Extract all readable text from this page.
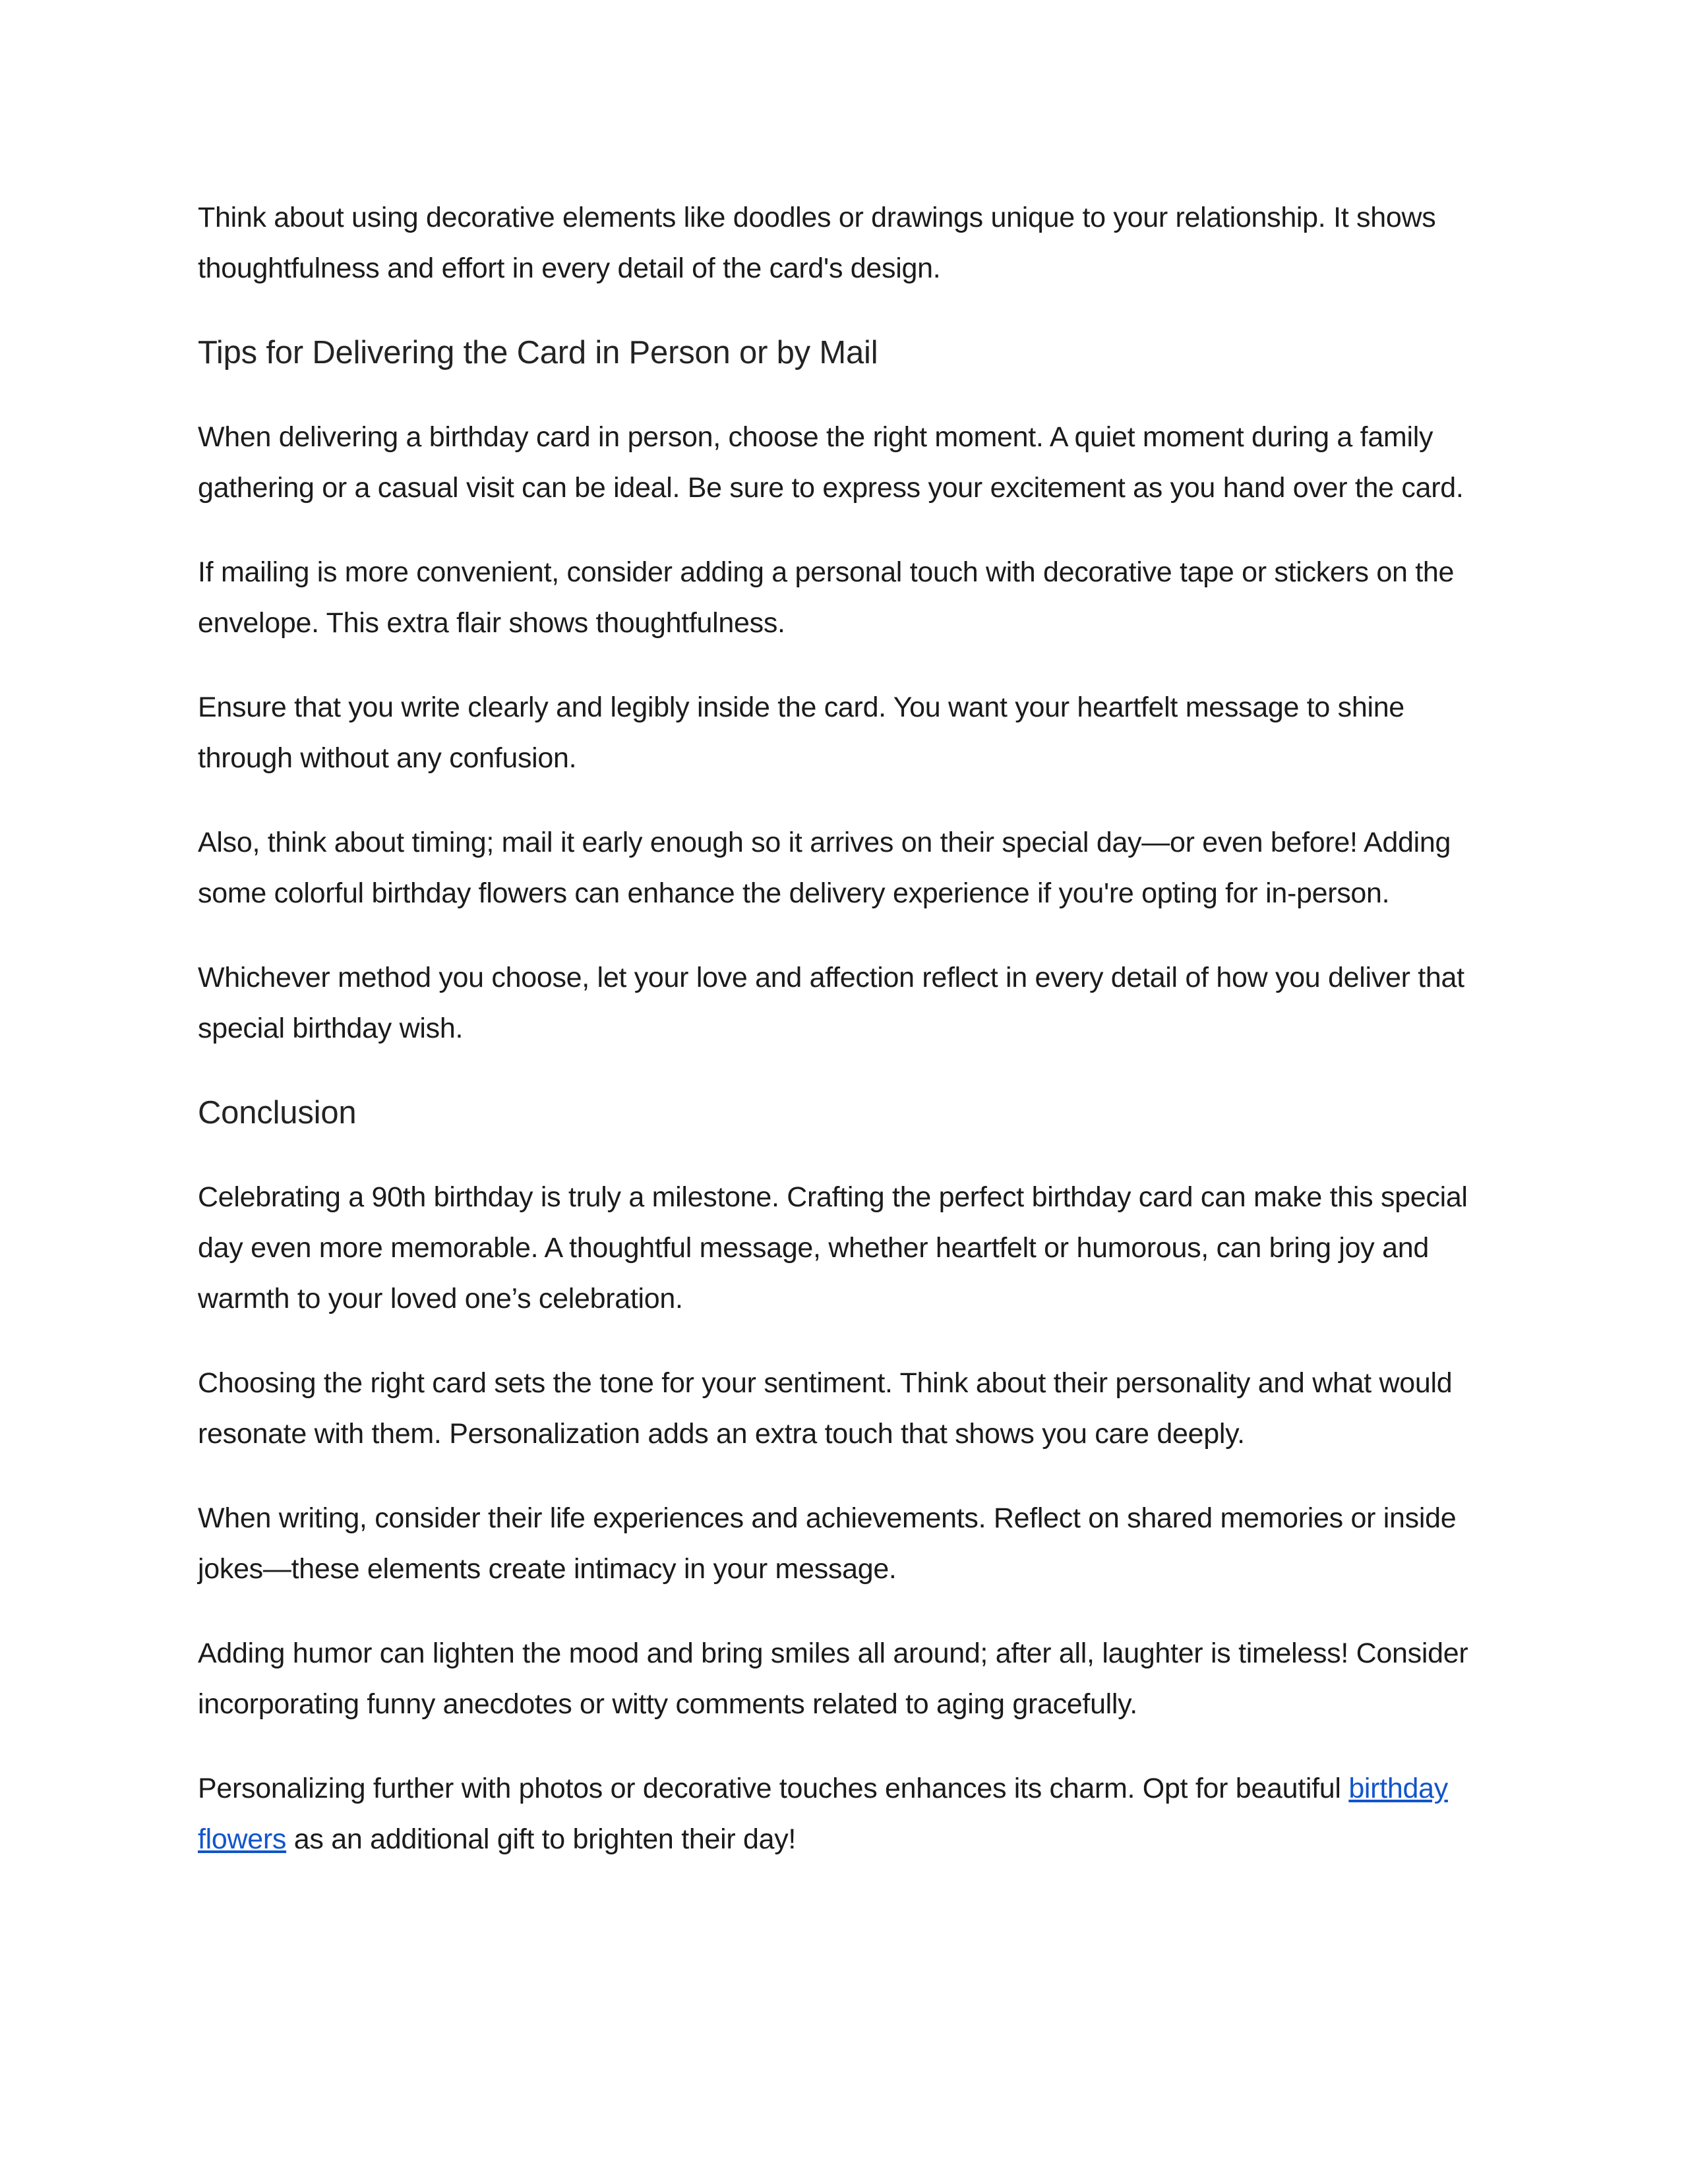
Think about using decorative elements like doodles or drawings unique to your relationship. It shows thoughtfulness and effort in every detail of the card's design.

Tips for Delivering the Card in Person or by Mail

When delivering a birthday card in person, choose the right moment. A quiet moment during a family gathering or a casual visit can be ideal. Be sure to express your excitement as you hand over the card.

If mailing is more convenient, consider adding a personal touch with decorative tape or stickers on the envelope. This extra flair shows thoughtfulness.

Ensure that you write clearly and legibly inside the card. You want your heartfelt message to shine through without any confusion.

Also, think about timing; mail it early enough so it arrives on their special day—or even before! Adding some colorful birthday flowers can enhance the delivery experience if you're opting for in-person.

Whichever method you choose, let your love and affection reflect in every detail of how you deliver that special birthday wish.

Conclusion

Celebrating a 90th birthday is truly a milestone. Crafting the perfect birthday card can make this special day even more memorable. A thoughtful message, whether heartfelt or humorous, can bring joy and warmth to your loved one’s celebration.

Choosing the right card sets the tone for your sentiment. Think about their personality and what would resonate with them. Personalization adds an extra touch that shows you care deeply.

When writing, consider their life experiences and achievements. Reflect on shared memories or inside jokes—these elements create intimacy in your message.

Adding humor can lighten the mood and bring smiles all around; after all, laughter is timeless! Consider incorporating funny anecdotes or witty comments related to aging gracefully.

Personalizing further with photos or decorative touches enhances its charm. Opt for beautiful birthday flowers as an additional gift to brighten their day!
